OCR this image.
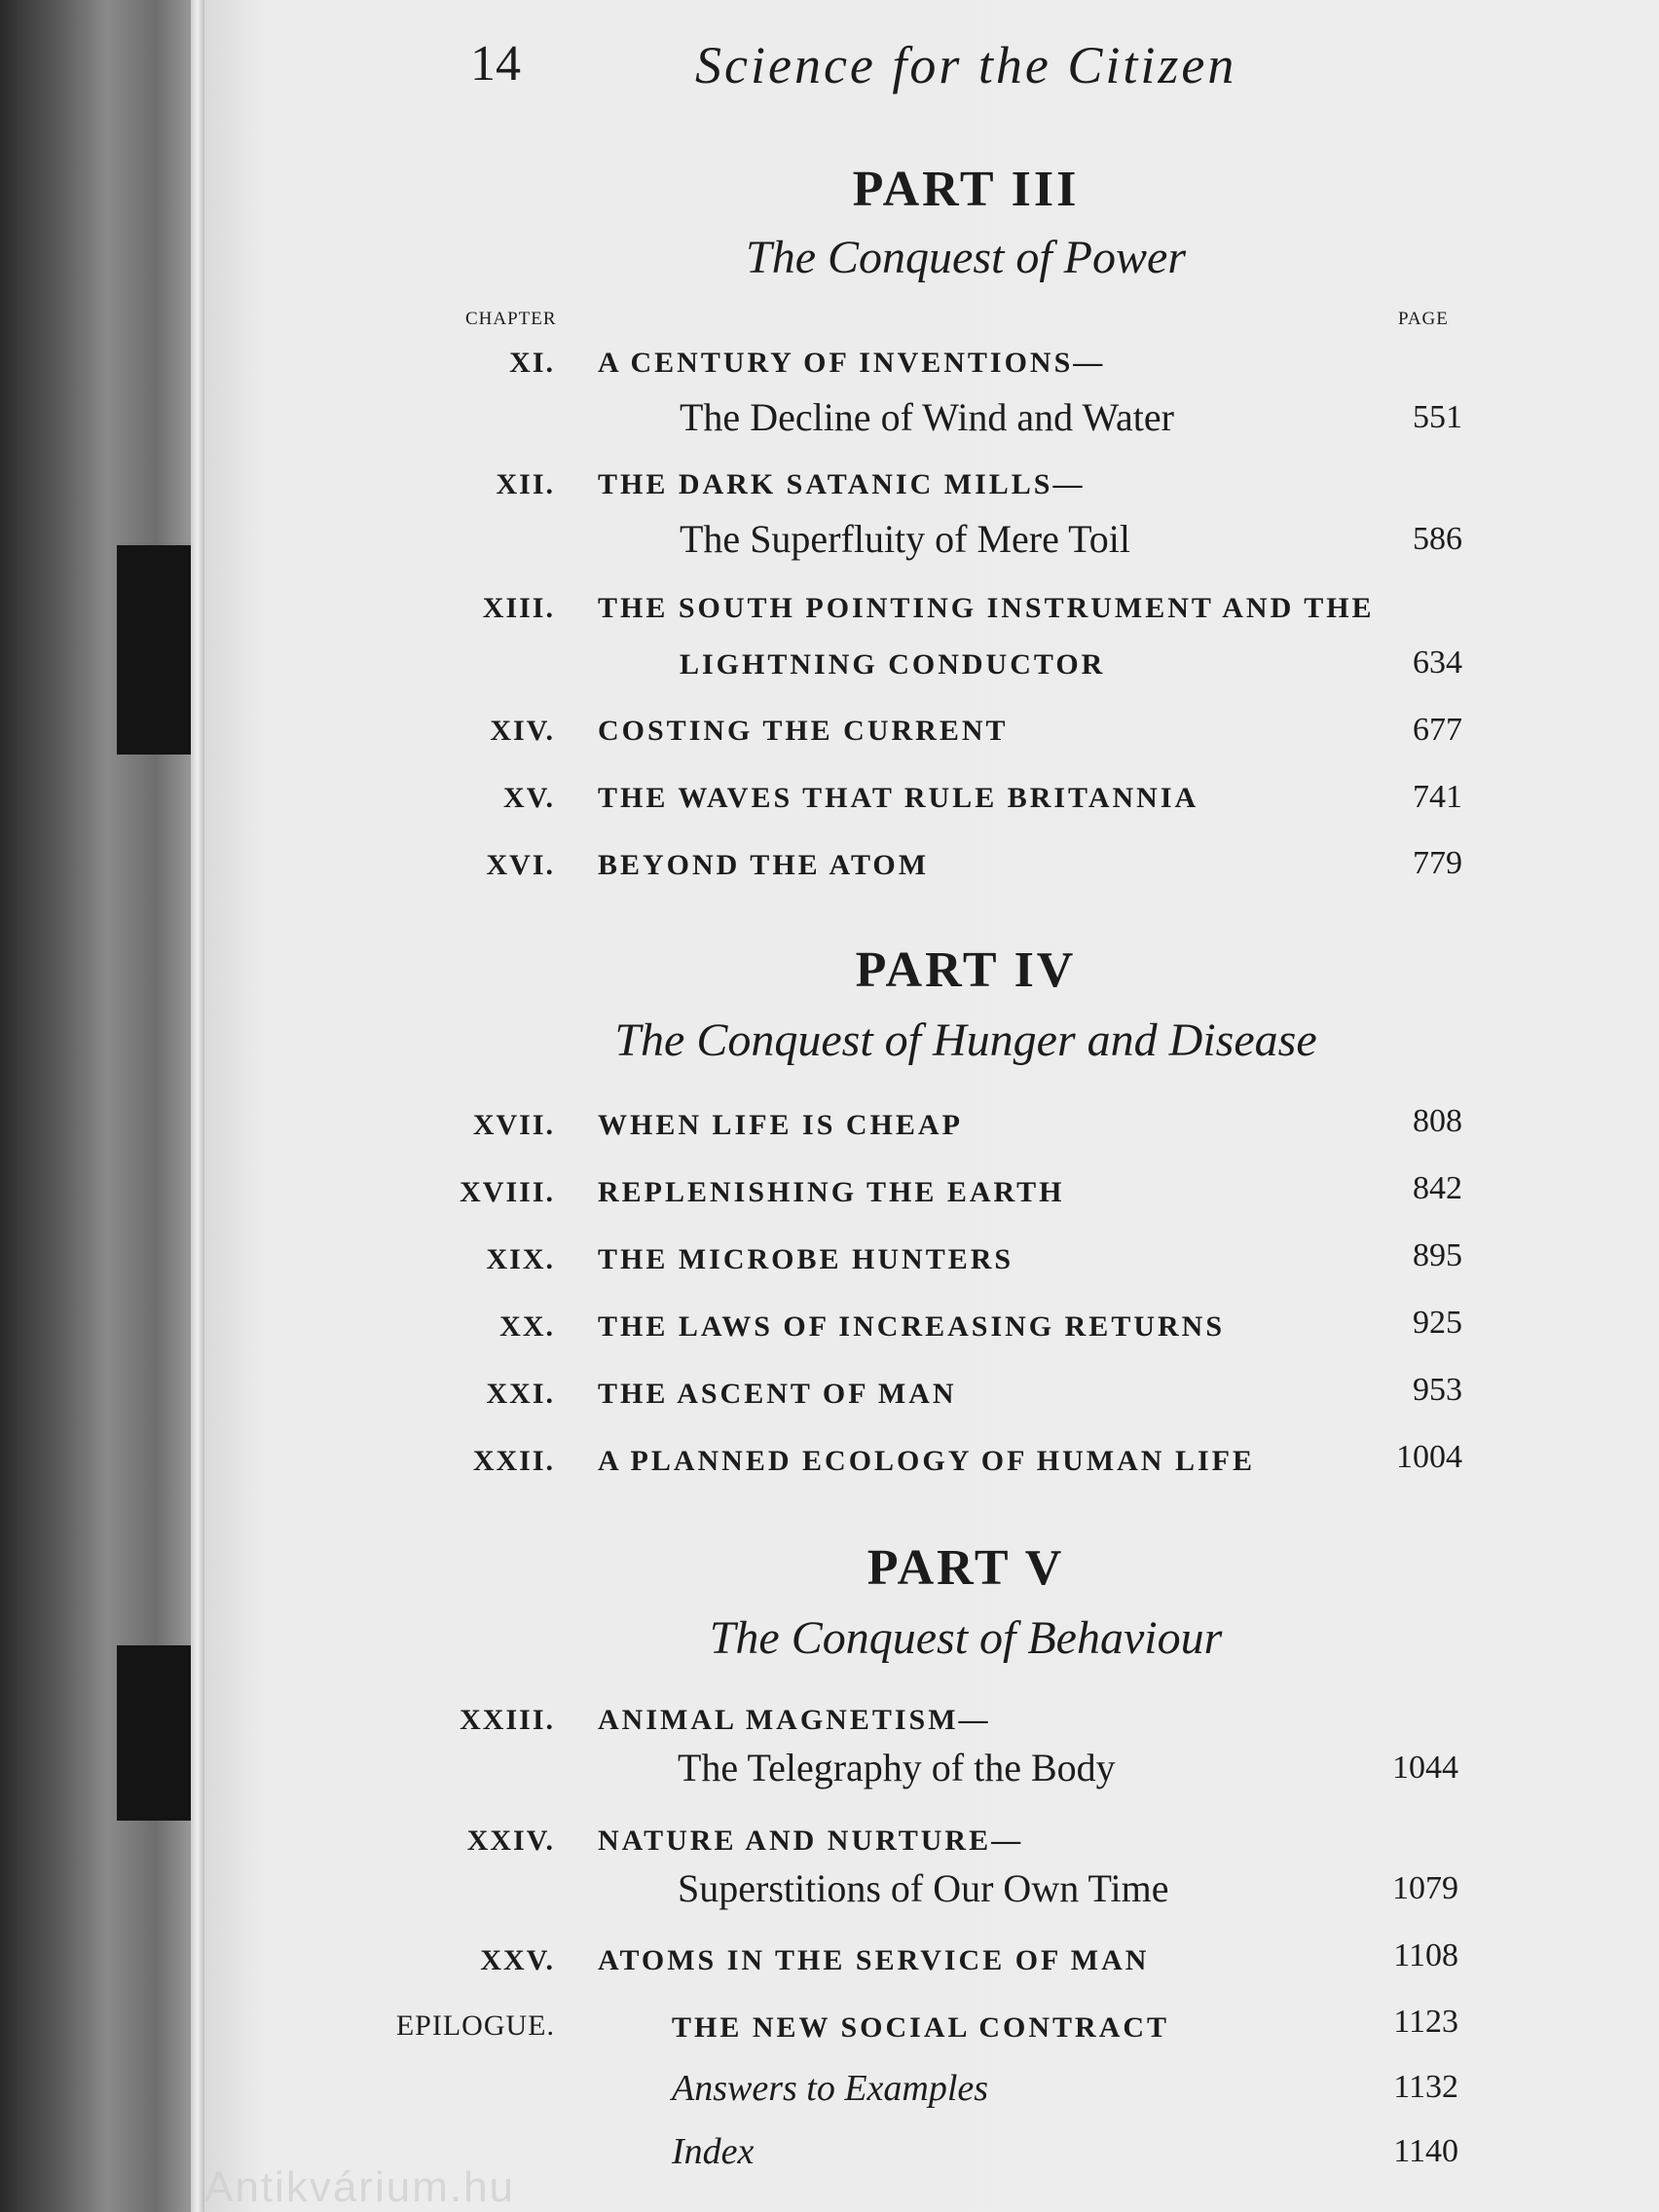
Antikvárium.hu
14	Science for the Citizen
PART III
The Conquest of Power
CHAPTER	PAGE
XI. A CENTURY OF INVENTIONS—
The Decline of Wind and Water	551
XII. THE DARK SATANIC MILLS—
The Superfluity of Mere Toil	586
XIII. THE SOUTH POINTING INSTRUMENT AND THE
LIGHTNING CONDUCTOR	634
XIV. COSTING THE CURRENT	677
XV. THE WAVES THAT RULE BRITANNIA	741
XVI. BEYOND THE ATOM	779
PART IV
The Conquest of Hunger and Disease
XVII. WHEN LIFE IS CHEAP	808
XVIII. REPLENISHING THE EARTH	842
XIX. THE MICROBE HUNTERS	895
XX. THE LAWS OF INCREASING RETURNS	925
XXI. THE ASCENT OF MAN	953
XXII. A PLANNED ECOLOGY OF HUMAN LIFE	1004
PART V
The Conquest of Behaviour
XXIII. ANIMAL MAGNETISM—
The Telegraphy of the Body	1044
XXIV. NATURE AND NURTURE—
Superstitions of Our Own Time	1079
XXV. ATOMS IN THE SERVICE OF MAN	1108
EPILOGUE.	THE NEW SOCIAL CONTRACT	1123
Answers to Examples	1132
Index	1140
